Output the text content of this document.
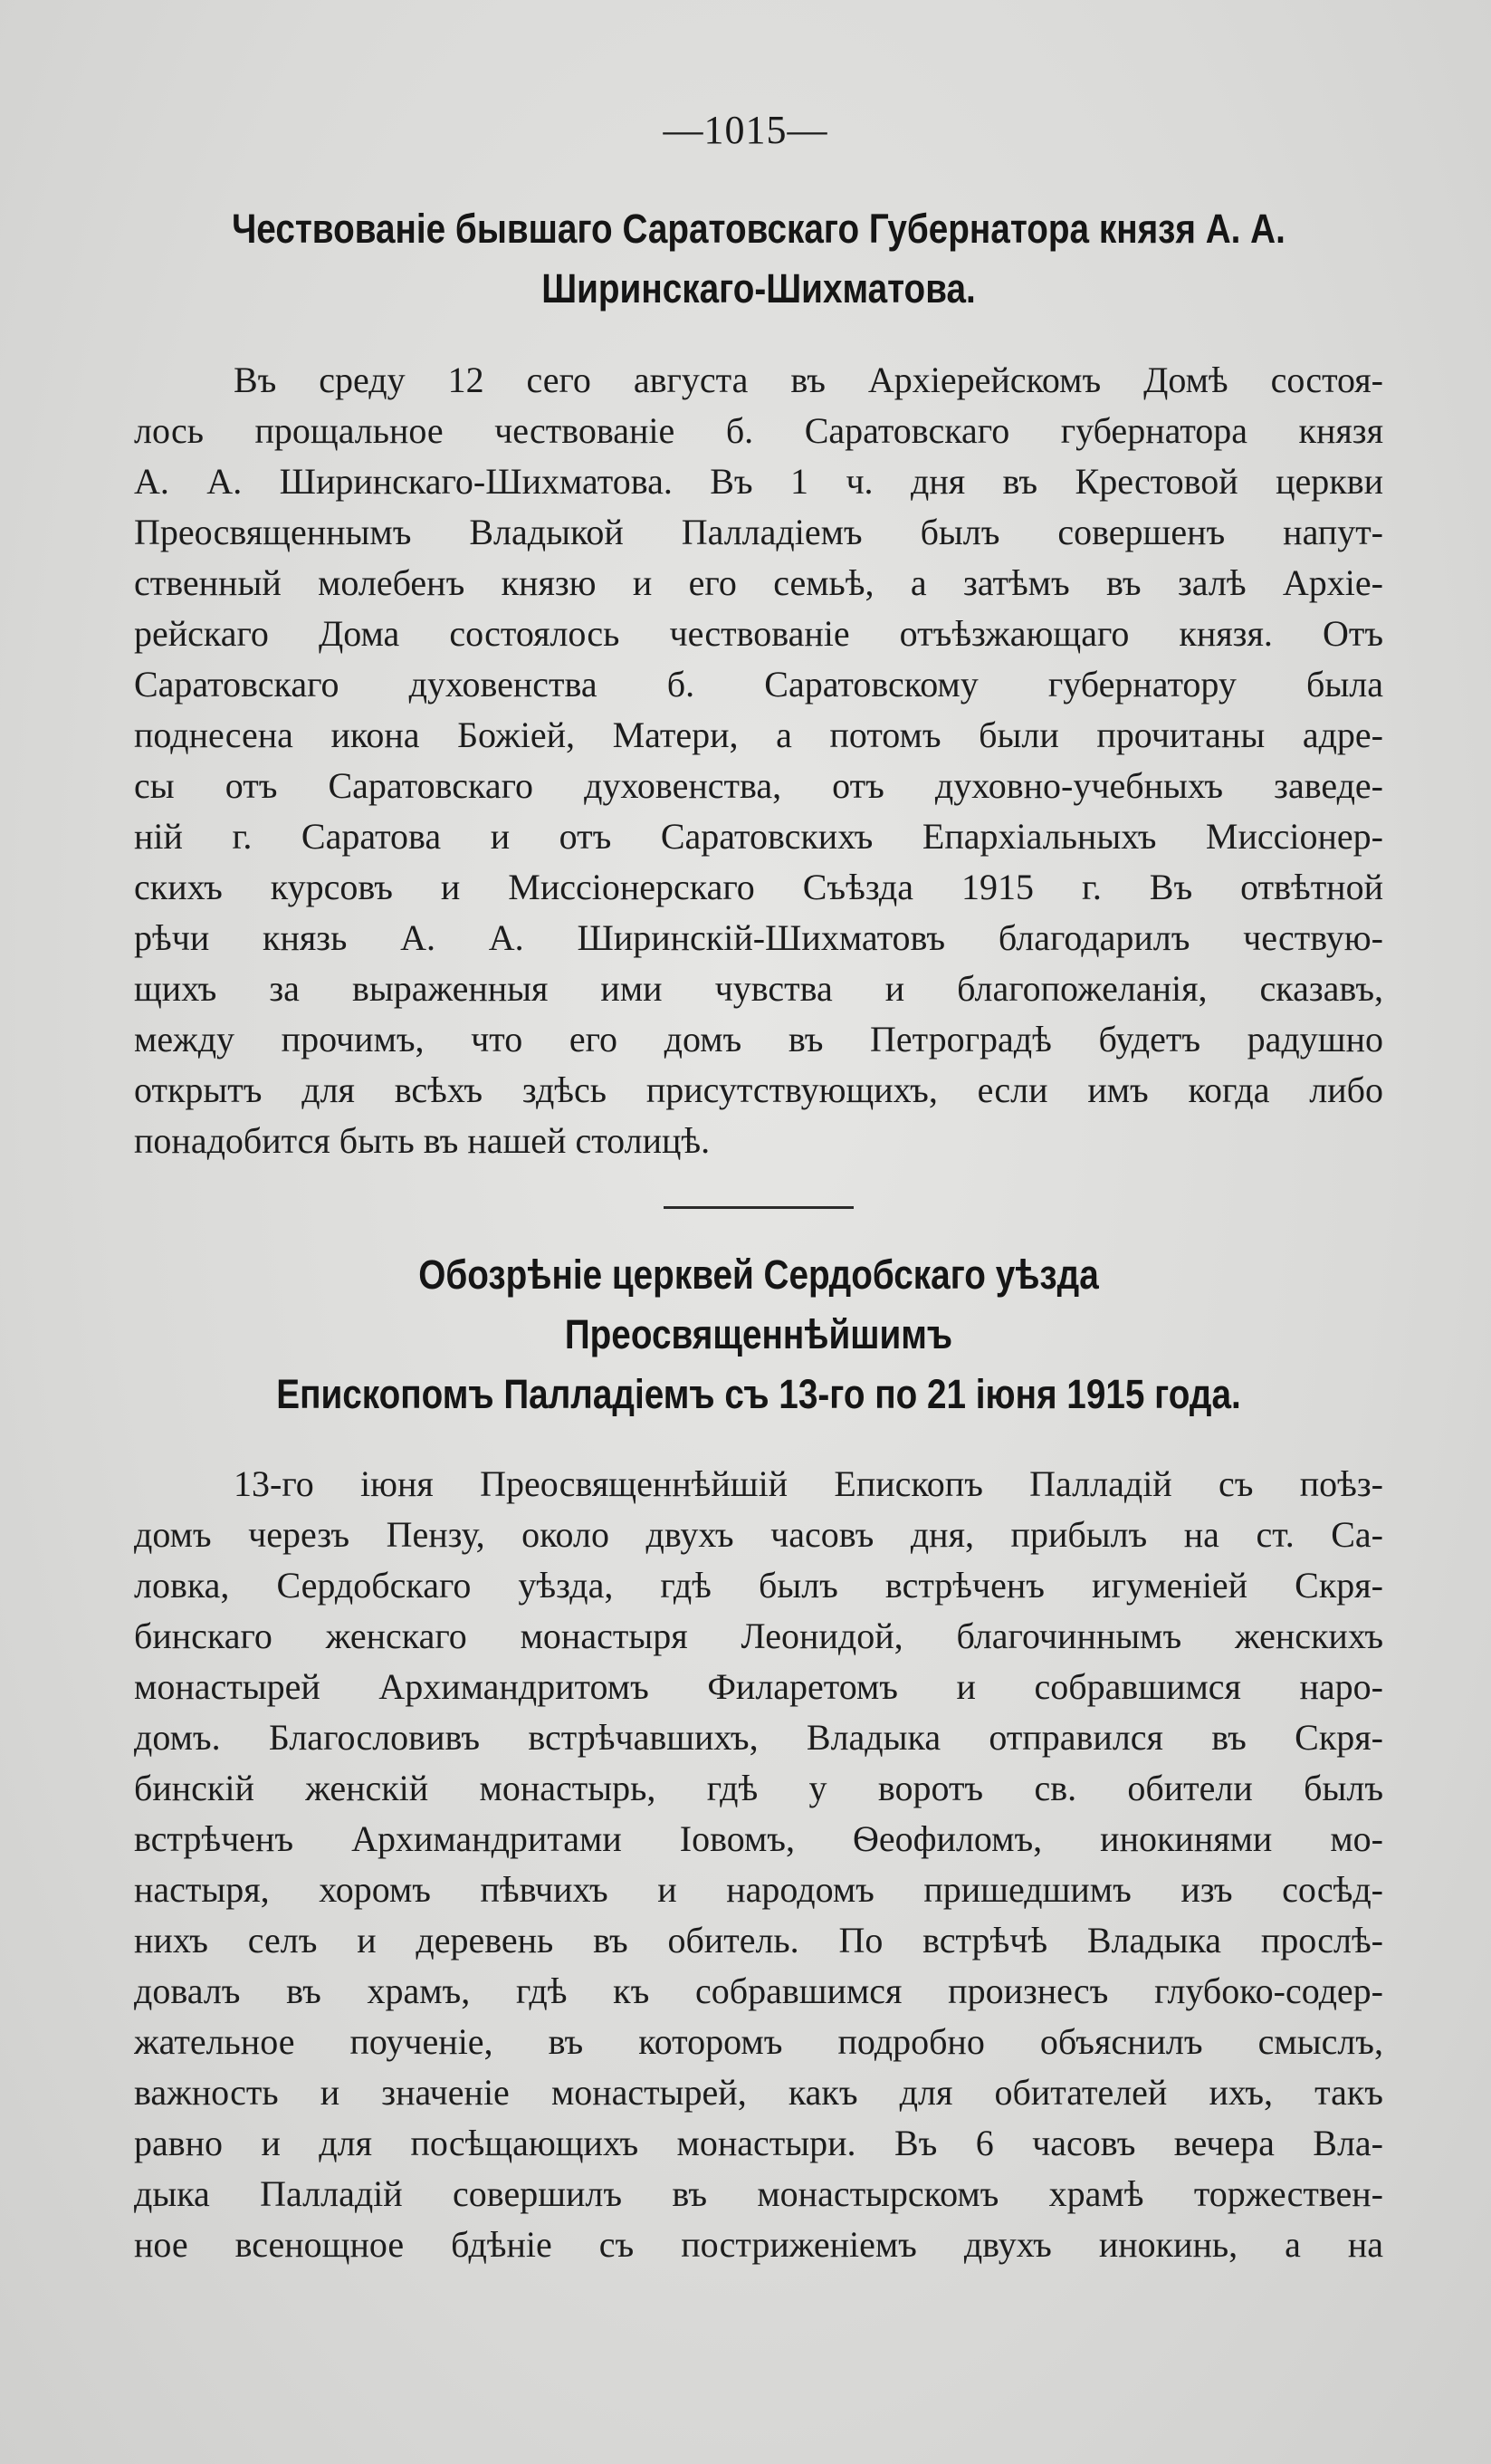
—1015—
Чествованіе бывшаго Саратовскаго Губернатора князя А. А.
Ширинскаго-Шихматова.

Въ среду 12 сего августа въ Архіерейскомъ Домѣ состоя-
лось прощальное чествованіе б. Саратовскаго губернатора князя
А. А. Ширинскаго-Шихматова. Въ 1 ч. дня въ Крестовой церкви
Преосвященнымъ Владыкой Палладіемъ былъ совершенъ напут-
ственный молебенъ князю и его семьѣ, а затѣмъ въ залѣ Архіе-
рейскаго Дома состоялось чествованіе отъѣзжающаго князя. Отъ
Саратовскаго духовенства б. Саратовскому губернатору была
поднесена икона Божіей, Матери, а потомъ были прочитаны адре-
сы отъ Саратовскаго духовенства, отъ духовно-учебныхъ заведе-
ній г. Саратова и отъ Саратовскихъ Епархіальныхъ Миссіонер-
скихъ курсовъ и Миссіонерскаго Съѣзда 1915 г. Въ отвѣтной
рѣчи князь А. А. Ширинскій-Шихматовъ благодарилъ чествую-
щихъ за выраженныя ими чувства и благопожеланія, сказавъ,
между прочимъ, что его домъ въ Петроградѣ будетъ радушно
открытъ для всѣхъ здѣсь присутствующихъ, если имъ когда либо
понадобится быть въ нашей столицѣ.

Обозрѣніе церквей Сердобскаго уѣзда Преосвященнѣйшимъ
Епископомъ Палладіемъ съ 13-го по 21 іюня 1915 года.

13-го іюня Преосвященнѣйшій Епископъ Палладій съ поѣз-
домъ черезъ Пензу, около двухъ часовъ дня, прибылъ на ст. Са-
ловка, Сердобскаго уѣзда, гдѣ былъ встрѣченъ игуменіей Скря-
бинскаго женскаго монастыря Леонидой, благочиннымъ женскихъ
монастырей Архимандритомъ Филаретомъ и собравшимся наро-
домъ. Благословивъ встрѣчавшихъ, Владыка отправился въ Скря-
бинскій женскій монастырь, гдѣ у воротъ св. обители былъ
встрѣченъ Архимандритами Іовомъ, Ѳеофиломъ, инокинями мо-
настыря, хоромъ пѣвчихъ и народомъ пришедшимъ изъ сосѣд-
нихъ селъ и деревень въ обитель. По встрѣчѣ Владыка прослѣ-
довалъ въ храмъ, гдѣ къ собравшимся произнесъ глубоко-содер-
жательное поученіе, въ которомъ подробно объяснилъ смыслъ,
важность и значеніе монастырей, какъ для обитателей ихъ, такъ
равно и для посѣщающихъ монастыри. Въ 6 часовъ вечера Вла-
дыка Палладій совершилъ въ монастырскомъ храмѣ торжествен-
ное всенощное бдѣніе съ постриженіемъ двухъ инокинь, а на
